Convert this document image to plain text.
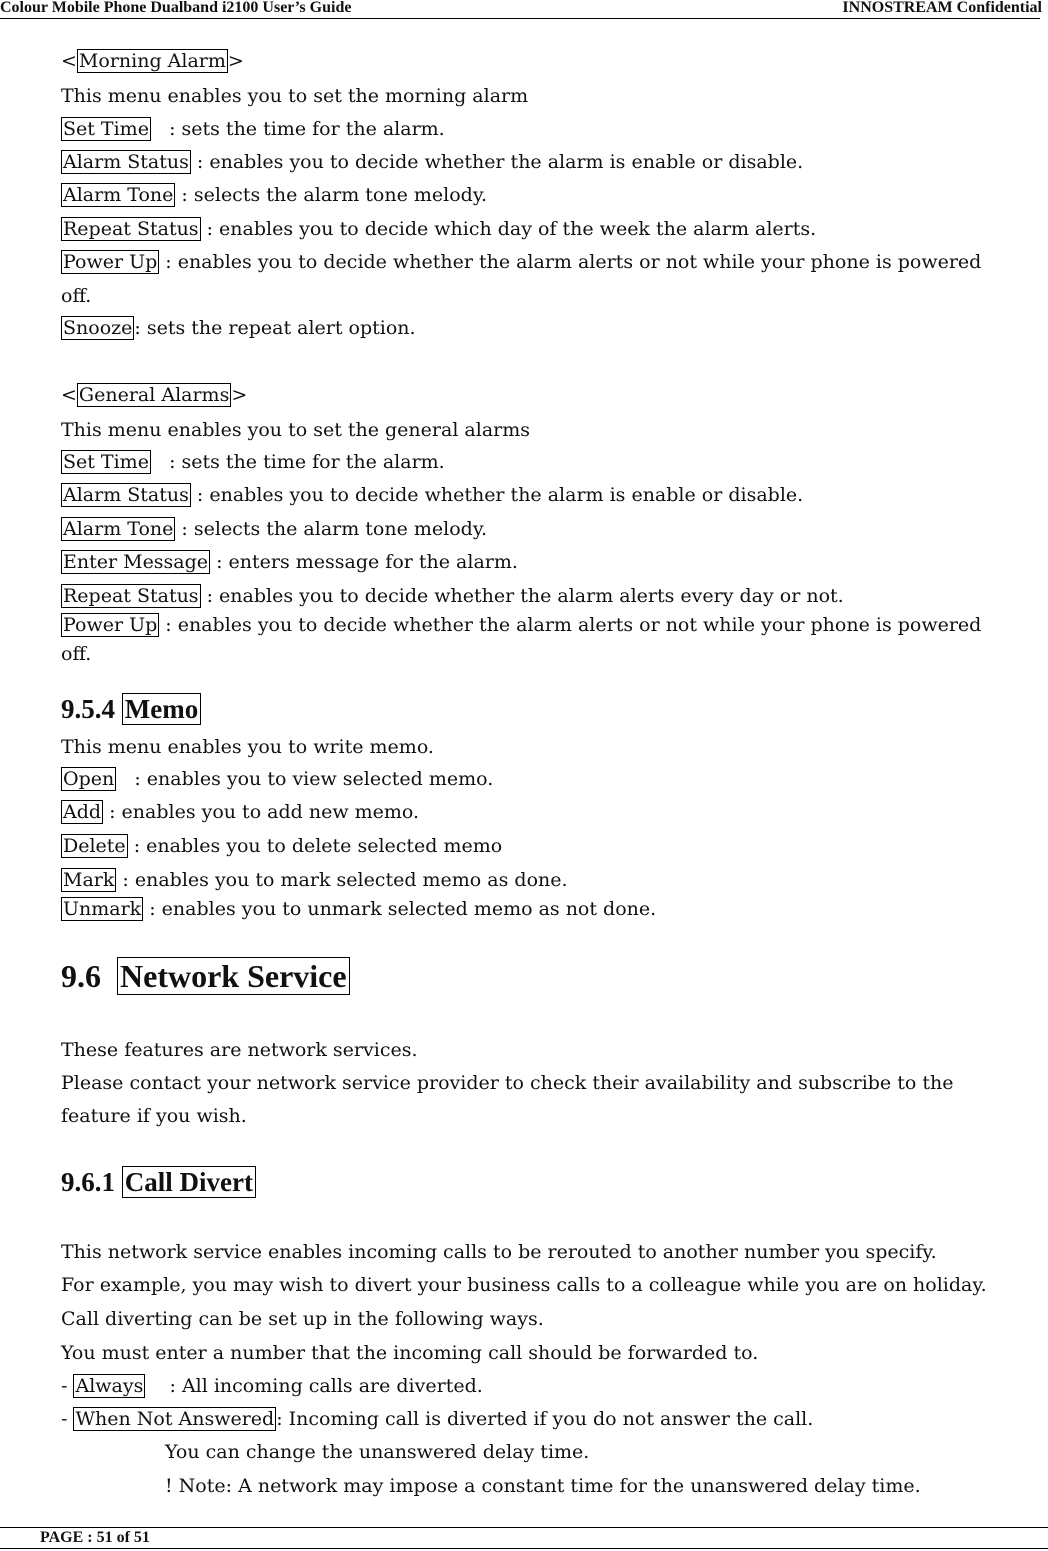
Colour Mobile Phone Dualband i2100 User’s Guide	INNOSTREAM Confidential
< Morning Alarm >
This menu enables you to set the morning alarm
Set Time   : sets the time for the alarm.
Alarm Status : enables you to decide whether the alarm is enable or disable.
Alarm Tone : selects the alarm tone melody.
Repeat Status : enables you to decide which day of the week the alarm alerts.
Power Up : enables you to decide whether the alarm alerts or not while your phone is powered
off.
Snooze : sets the repeat alert option.
< General Alarms >
This menu enables you to set the general alarms
Set Time   : sets the time for the alarm.
Alarm Status : enables you to decide whether the alarm is enable or disable.
Alarm Tone : selects the alarm tone melody.
Enter Message : enters message for the alarm.
Repeat Status : enables you to decide whether the alarm alerts every day or not.
Power Up : enables you to decide whether the alarm alerts or not while your phone is powered
off.
9.5.4 Memo
This menu enables you to write memo.
Open   : enables you to view selected memo.
Add : enables you to add new memo.
Delete : enables you to delete selected memo
Mark : enables you to mark selected memo as done.
Unmark : enables you to unmark selected memo as not done.
9.6  Network Service
These features are network services.
Please contact your network service provider to check their availability and subscribe to the
feature if you wish.
9.6.1 Call Divert
This network service enables incoming calls to be rerouted to another number you specify.
For example, you may wish to divert your business calls to a colleague while you are on holiday.
Call diverting can be set up in the following ways.
You must enter a number that the incoming call should be forwarded to.
- Always    : All incoming calls are diverted.
- When Not Answered : Incoming call is diverted if you do not answer the call.
You can change the unanswered delay time.
! Note: A network may impose a constant time for the unanswered delay time.
PAGE : 51 of 51
